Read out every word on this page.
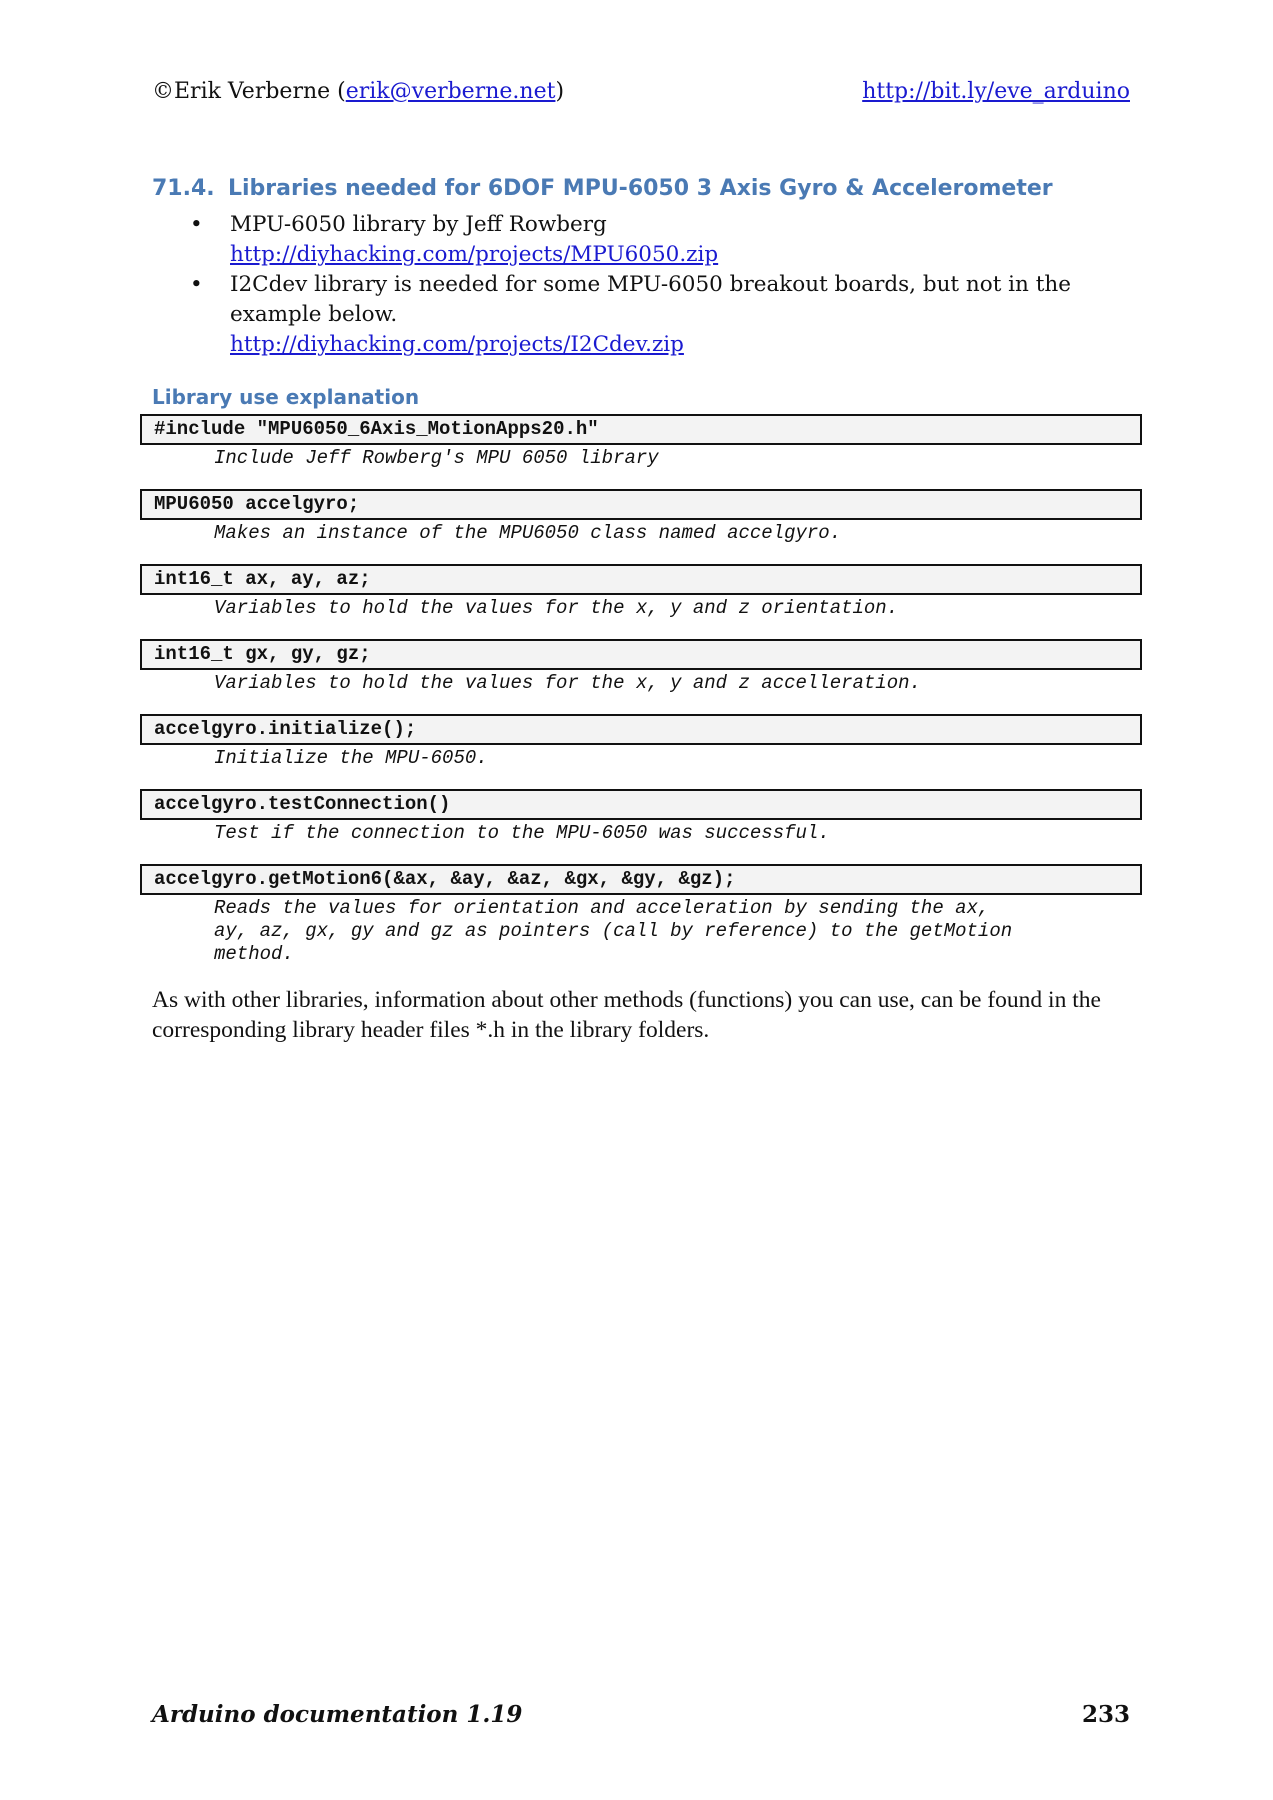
©Erik Verberne (erik@verberne.net)	http://bit.ly/eve_arduino
71.4. Libraries needed for 6DOF MPU-6050 3 Axis Gyro & Accelerometer
• MPU-6050 library by Jeff Rowberg
http://diyhacking.com/projects/MPU6050.zip
• I2Cdev library is needed for some MPU-6050 breakout boards, but not in the example below.
http://diyhacking.com/projects/I2Cdev.zip
Library use explanation
#include "MPU6050_6Axis_MotionApps20.h"
Include Jeff Rowberg's MPU 6050 library
MPU6050 accelgyro;
Makes an instance of the MPU6050 class named accelgyro.
int16_t ax, ay, az;
Variables to hold the values for the x, y and z orientation.
int16_t gx, gy, gz;
Variables to hold the values for the x, y and z accelleration.
accelgyro.initialize();
Initialize the MPU-6050.
accelgyro.testConnection()
Test if the connection to the MPU-6050 was successful.
accelgyro.getMotion6(&ax, &ay, &az, &gx, &gy, &gz);
Reads the values for orientation and acceleration by sending the ax,
ay, az, gx, gy and gz as pointers (call by reference) to the getMotion
method.
As with other libraries, information about other methods (functions) you can use, can be found in the corresponding library header files *.h in the library folders.
Arduino documentation 1.19	233
